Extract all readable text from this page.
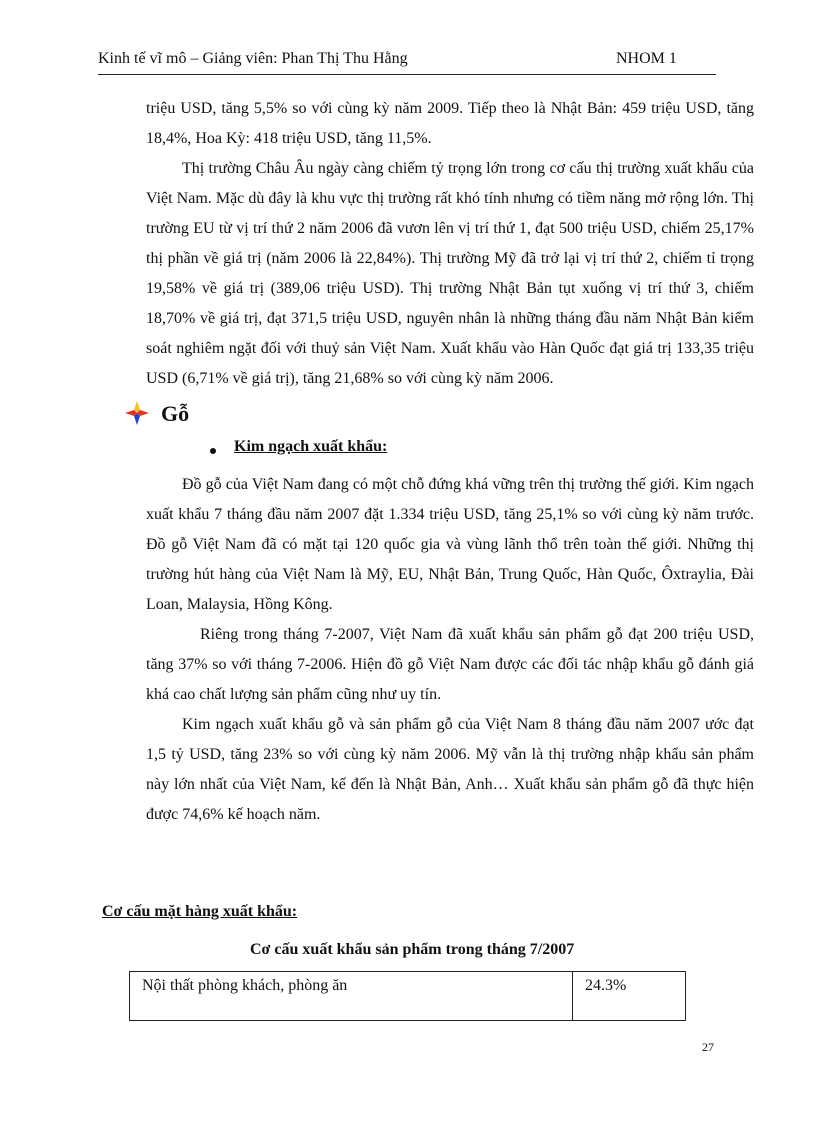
Kinh tế vĩ mô – Giảng viên: Phan Thị Thu Hằng	NHOM 1

triệu USD, tăng 5,5% so với cùng kỳ năm 2009. Tiếp theo là Nhật Bản: 459 triệu USD, tăng 18,4%, Hoa Kỳ: 418 triệu USD, tăng 11,5%.

Thị trường Châu Âu ngày càng chiếm tỷ trọng lớn trong cơ cấu thị trường xuất khẩu của Việt Nam. Mặc dù đây là khu vực thị trường rất khó tính nhưng có tiềm năng mở rộng lớn. Thị trường EU từ vị trí thứ 2 năm 2006 đã vươn lên vị trí thứ 1, đạt 500 triệu USD, chiếm 25,17% thị phần về giá trị (năm 2006 là 22,84%). Thị trường Mỹ đã trở lại vị trí thứ 2, chiếm tỉ trọng 19,58% về giá trị (389,06 triệu USD). Thị trường Nhật Bản tụt xuống vị trí thứ 3, chiếm 18,70% về giá trị, đạt 371,5 triệu USD, nguyên nhân là những tháng đầu năm Nhật Bản kiểm soát nghiêm ngặt đối với thuỷ sản Việt Nam. Xuất khẩu vào Hàn Quốc đạt giá trị 133,35 triệu USD (6,71% về giá trị), tăng 21,68% so với cùng kỳ năm 2006.

Gỗ
Kim ngạch xuất khẩu:

Đồ gỗ của Việt Nam đang có một chỗ đứng khá vững trên thị trường thế giới. Kim ngạch xuất khẩu 7 tháng đầu năm 2007 đặt 1.334 triệu USD, tăng 25,1% so với cùng kỳ năm trước. Đồ gỗ Việt Nam đã có mặt tại 120 quốc gia và vùng lãnh thổ trên toàn thế giới. Những thị trường hút hàng của Việt Nam là Mỹ, EU, Nhật Bản, Trung Quốc, Hàn Quốc, Ôxtraylia, Đài Loan, Malaysia, Hồng Kông.

Riêng trong tháng 7-2007, Việt Nam đã xuất khẩu sản phẩm gỗ đạt 200 triệu USD, tăng 37% so với tháng 7-2006. Hiện đồ gỗ Việt Nam được các đối tác nhập khẩu gỗ đánh giá khá cao chất lượng sản phẩm cũng như uy tín.

Kim ngạch xuất khẩu gỗ và sản phẩm gỗ của Việt Nam 8 tháng đầu năm 2007 ước đạt 1,5 tỷ USD, tăng 23% so với cùng kỳ năm 2006. Mỹ vẫn là thị trường nhập khẩu sản phẩm này lớn nhất của Việt Nam, kế đến là Nhật Bản, Anh… Xuất khẩu sản phẩm gỗ đã thực hiện được 74,6% kế hoạch năm.

Cơ cấu mặt hàng xuất khẩu:
Cơ cấu xuất khẩu sản phẩm trong tháng 7/2007
Nội thất phòng khách, phòng ăn	24.3%
27
